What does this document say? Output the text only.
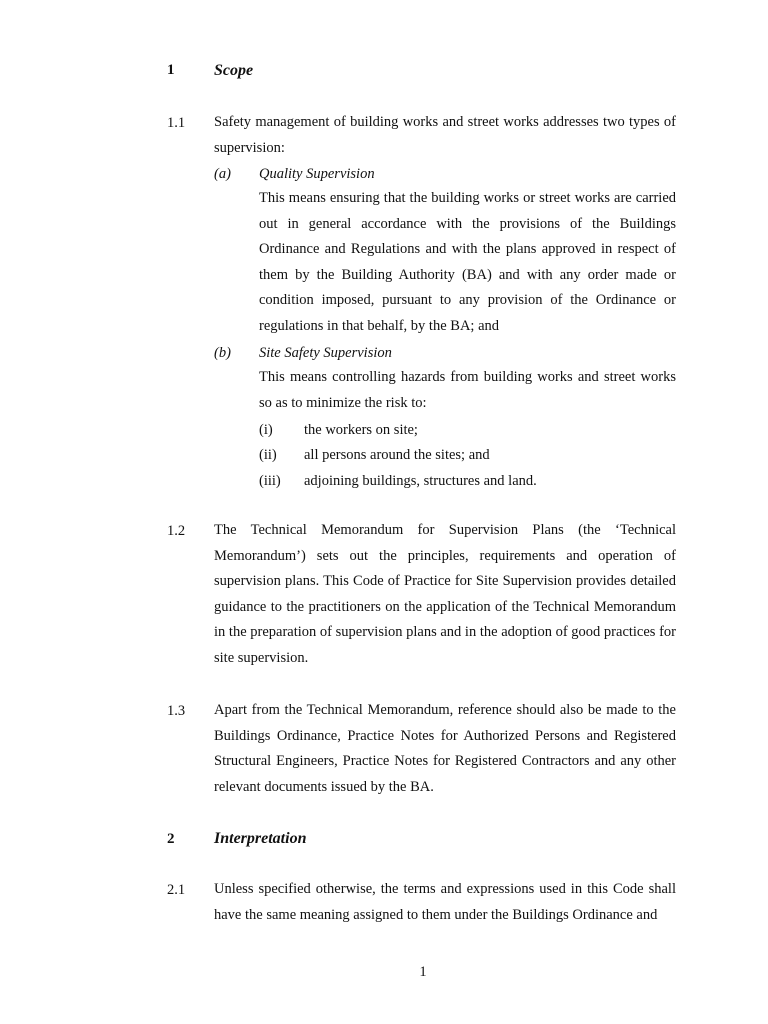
1 Scope
1.1 Safety management of building works and street works addresses two types of supervision:
(a) Quality Supervision
This means ensuring that the building works or street works are carried out in general accordance with the provisions of the Buildings Ordinance and Regulations and with the plans approved in respect of them by the Building Authority (BA) and with any order made or condition imposed, pursuant to any provision of the Ordinance or regulations in that behalf, by the BA; and
(b) Site Safety Supervision
This means controlling hazards from building works and street works so as to minimize the risk to:
(i) the workers on site;
(ii) all persons around the sites; and
(iii) adjoining buildings, structures and land.
1.2 The Technical Memorandum for Supervision Plans (the ‘Technical Memorandum’) sets out the principles, requirements and operation of supervision plans. This Code of Practice for Site Supervision provides detailed guidance to the practitioners on the application of the Technical Memorandum in the preparation of supervision plans and in the adoption of good practices for site supervision.
1.3 Apart from the Technical Memorandum, reference should also be made to the Buildings Ordinance, Practice Notes for Authorized Persons and Registered Structural Engineers, Practice Notes for Registered Contractors and any other relevant documents issued by the BA.
2 Interpretation
2.1 Unless specified otherwise, the terms and expressions used in this Code shall have the same meaning assigned to them under the Buildings Ordinance and
1
